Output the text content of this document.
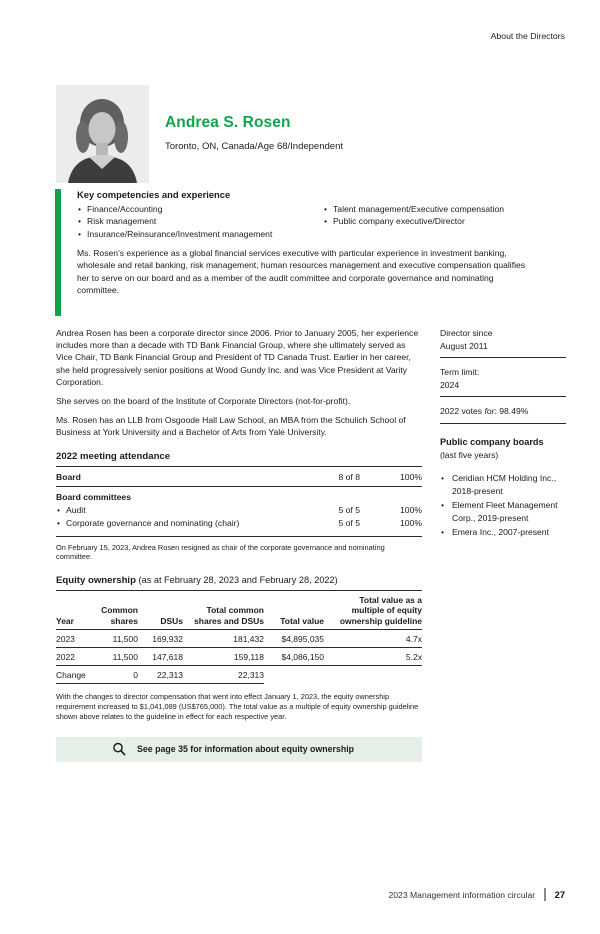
About the Directors
Andrea S. Rosen
Toronto, ON, Canada/Age 68/Independent
Key competencies and experience
• Finance/Accounting
• Risk management
• Insurance/Reinsurance/Investment management
• Talent management/Executive compensation
• Public company executive/Director

Ms. Rosen's experience as a global financial services executive with particular experience in investment banking, wholesale and retail banking, risk management, human resources management and executive compensation qualifies her to serve on our board and as a member of the audit committee and corporate governance and nominating committee.

Andrea Rosen has been a corporate director since 2006. Prior to January 2005, her experience includes more than a decade with TD Bank Financial Group, where she ultimately served as Vice Chair, TD Bank Financial Group and President of TD Canada Trust. Earlier in her career, she held progressively senior positions at Wood Gundy Inc. and was Vice President at Varity Corporation.

She serves on the board of the Institute of Corporate Directors (not-for-profit).

Ms. Rosen has an LLB from Osgoode Hall Law School, an MBA from the Schulich School of Business at York University and a Bachelor of Arts from Yale University.

2022 meeting attendance
Board	8 of 8	100%
Board committees
• Audit	5 of 5	100%
• Corporate governance and nominating (chair)	5 of 5	100%
On February 15, 2023, Andrea Rosen resigned as chair of the corporate governance and nominating committee.
Equity ownership (as at February 28, 2023 and February 28, 2022)
Year	Common shares	DSUs	Total common shares and DSUs	Total value	Total value as a multiple of equity ownership guideline
2023	11,500	169,932	181,432	$4,895,035	4.7x
2022	11,500	147,618	159,118	$4,086,150	5.2x
Change	0	22,313	22,313		
With the changes to director compensation that went into effect January 1, 2023, the equity ownership requirement increased to $1,041,089 (US$765,000). The total value as a multiple of equity ownership guideline shown above relates to the guideline in effect for each respective year.
See page 35 for information about equity ownership
Director since
August 2011
Term limit:
2024
2022 votes for: 98.49%
Public company boards
(last five years)
• Ceridian HCM Holding Inc., 2018-present
• Element Fleet Management Corp., 2019-present
• Emera Inc., 2007-present
2023 Management information circular 27
